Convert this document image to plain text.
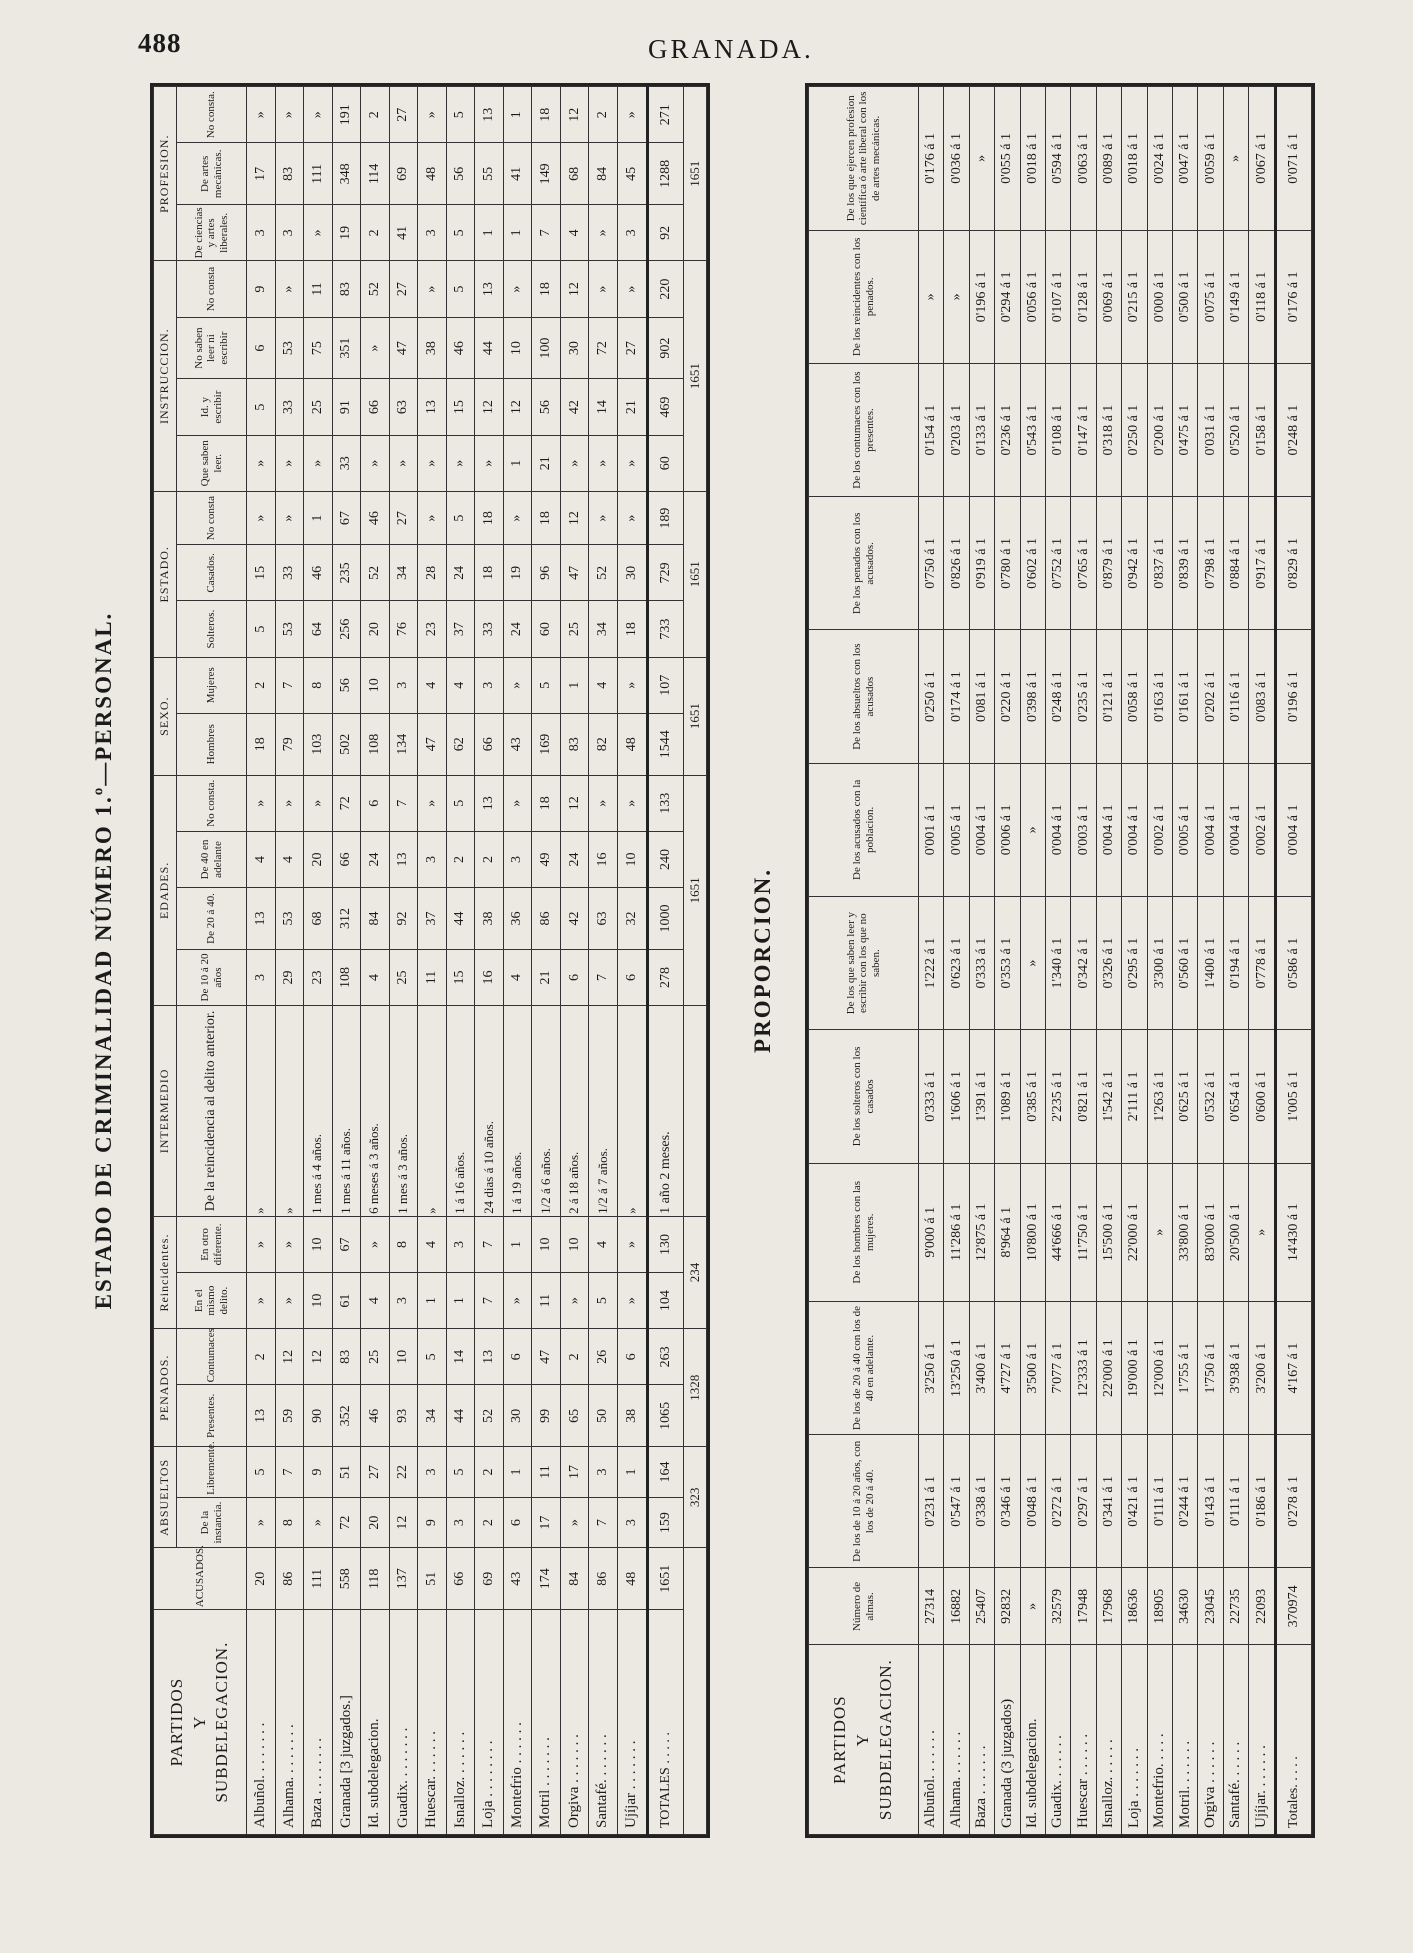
488	GRANADA.
ESTADO DE CRIMINALIDAD NÚMERO 1.º—PERSONAL.
PARTIDOS Y SUBDELEGACION.	ACUSADOS.	ABSUELTOS		PENADOS.		Reincidentes.		INTERMEDIO	EDADES.				SEXO.		ESTADO.			INSTRUCCION.				PROFESION.		
		De la instancia.	Libremente.	Presentes.	Contumaces	En el mismo delito.	En otro diferente.	De la reincidencia al delito anterior.	De 10 á 20 años	De 20 á 40.	De 40 en adelante	No consta.	Hombres	Mujeres	Solteros.	Casados.	No consta	Que saben leer.	Id. y escribir	No saben leer ni escribir	No consta	De ciencias y artes liberales.	De artes mecánicas.	No consta.
Albuñol. . . . . . . .	20	»	5	13	2	»	»	»	3	13	4	»	18	2	5	15	»	»	5	6	9	3	17	»
Alhama. . . . . . . .	86	8	7	59	12	»	»	»	29	53	4	»	79	7	53	33	»	»	33	53	»	3	83	»
Baza . . . . . . . .	111	»	9	90	12	10	10	1 mes á 4 años.	23	68	20	»	103	8	64	46	1	»	25	75	11	»	111	»
Granada [3 juzgados.]	558	72	51	352	83	61	67	1 mes á 11 años.	108	312	66	72	502	56	256	235	67	33	91	351	83	19	348	191
Id. subdelegacion.	118	20	27	46	25	4	»	6 meses á 3 años.	4	84	24	6	108	10	20	52	46	»	66	»	52	2	114	2
Guadix. . . . . . . .	137	12	22	93	10	3	8	1 mes á 3 años.	25	92	13	7	134	3	76	34	27	»	63	47	27	41	69	27
Huescar. . . . . . .	51	9	3	34	5	1	4	»	11	37	3	»	47	4	23	28	»	»	13	38	»	3	48	»
Isnalloz. . . . . . .	66	3	5	44	14	1	3	1 á 16 años.	15	44	2	5	62	4	37	24	5	»	15	46	5	5	56	5
Loja . . . . . . . .	69	2	2	52	13	7	7	24 dias á 10 años.	16	38	2	13	66	3	33	18	18	»	12	44	13	1	55	13
Montefrio . . . . . .	43	6	1	30	6	»	1	1 á 19 años.	4	36	3	»	43	»	24	19	»	1	12	10	»	1	41	1
Motril . . . . . . .	174	17	11	99	47	11	10	1/2 á 6 años.	21	86	49	18	169	5	60	96	18	21	56	100	18	7	149	18
Orgiva . . . . . . .	84	»	17	65	2	»	10	2 á 18 años.	6	42	24	12	83	1	25	47	12	»	42	30	12	4	68	12
Santafé. . . . . . .	86	7	3	50	26	5	4	1/2 á 7 años.	7	63	16	»	82	4	34	52	»	»	14	72	»	»	84	2
Ujíjar . . . . . . .	48	3	1	38	6	»	»	»	6	32	10	»	48	»	18	30	»	»	21	27	»	3	45	»
TOTALES . . . . .	1651	159	164	1065	263	104	130	1 año 2 meses.	278	1000	240	133	1544	107	733	729	189	60	469	902	220	92	1288	271
		323		1328		234			1651				1651		1651			1651				1651		
PROPORCION.
PARTIDOS Y SUBDELEGACION.	Número de almas.	De los de 10 á 20 años, con los de 20 á 40.	De los de 20 á 40 con los de 40 en adelante.	De los hombres con las mujeres.	De los solteros con los casados	De los que saben leer y escribir con los que no saben.	De los acusados con la poblacion.	De los absueltos con los acusados	De los penados con los acusados.	De los contumaces con los presentes.	De los reincidentes con los penados.	De los que ejercen profesion científica ó arte liberal con los de artes mecánicas.
Albuñol. . . . . . .	27314	0'231 á 1	3'250 á 1	9'000 á 1	0'333 á 1	1'222 á 1	0'001 á 1	0'250 á 1	0'750 á 1	0'154 á 1	»	0'176 á 1
Alhama. . . . . . .	16882	0'547 á 1	13'250 á 1	11'286 á 1	1'606 á 1	0'623 á 1	0'005 á 1	0'174 á 1	0'826 á 1	0'203 á 1	»	0'036 á 1
Baza . . . . . . .	25407	0'338 á 1	3'400 á 1	12'875 á 1	1'391 á 1	0'333 á 1	0'004 á 1	0'081 á 1	0'919 á 1	0'133 á 1	0'196 á 1	»
Granada (3 juzgados)	92832	0'346 á 1	4'727 á 1	8'964 á 1	1'089 á 1	0'353 á 1	0'006 á 1	0'220 á 1	0'780 á 1	0'236 á 1	0'294 á 1	0'055 á 1
Id. subdelegacion.	»	0'048 á 1	3'500 á 1	10'800 á 1	0'385 á 1	»	»	0'398 á 1	0'602 á 1	0'543 á 1	0'056 á 1	0'018 á 1
Guadix. . . . . . .	32579	0'272 á 1	7'077 á 1	44'666 á 1	2'235 á 1	1'340 á 1	0'004 á 1	0'248 á 1	0'752 á 1	0'108 á 1	0'107 á 1	0'594 á 1
Huescar . . . . . .	17948	0'297 á 1	12'333 á 1	11'750 á 1	0'821 á 1	0'342 á 1	0'003 á 1	0'235 á 1	0'765 á 1	0'147 á 1	0'128 á 1	0'063 á 1
Isnalloz. . . . . .	17968	0'341 á 1	22'000 á 1	15'500 á 1	1'542 á 1	0'326 á 1	0'004 á 1	0'121 á 1	0'879 á 1	0'318 á 1	0'069 á 1	0'089 á 1
Loja . . . . . . .	18636	0'421 á 1	19'000 á 1	22'000 á 1	2'111 á 1	0'295 á 1	0'004 á 1	0'058 á 1	0'942 á 1	0'250 á 1	0'215 á 1	0'018 á 1
Montefrio. . . . .	18905	0'111 á 1	12'000 á 1	»	1'263 á 1	3'300 á 1	0'002 á 1	0'163 á 1	0'837 á 1	0'200 á 1	0'000 á 1	0'024 á 1
Motril. . . . . . .	34630	0'244 á 1	1'755 á 1	33'800 á 1	0'625 á 1	0'560 á 1	0'005 á 1	0'161 á 1	0'839 á 1	0'475 á 1	0'500 á 1	0'047 á 1
Orgiva . . . . . .	23045	0'143 á 1	1'750 á 1	83'000 á 1	0'532 á 1	1'400 á 1	0'004 á 1	0'202 á 1	0'798 á 1	0'031 á 1	0'075 á 1	0'059 á 1
Santafé. . . . . .	22735	0'111 á 1	3'938 á 1	20'500 á 1	0'654 á 1	0'194 á 1	0'004 á 1	0'116 á 1	0'884 á 1	0'520 á 1	0'149 á 1	»
Ujíjar. . . . . . .	22093	0'186 á 1	3'200 á 1	»	0'600 á 1	0'778 á 1	0'002 á 1	0'083 á 1	0'917 á 1	0'158 á 1	0'118 á 1	0'067 á 1
Totales. . . . .	370974	0'278 á 1	4'167 á 1	14'430 á 1	1'005 á 1	0'586 á 1	0'004 á 1	0'196 á 1	0'829 á 1	0'248 á 1	0'176 á 1	0'071 á 1
